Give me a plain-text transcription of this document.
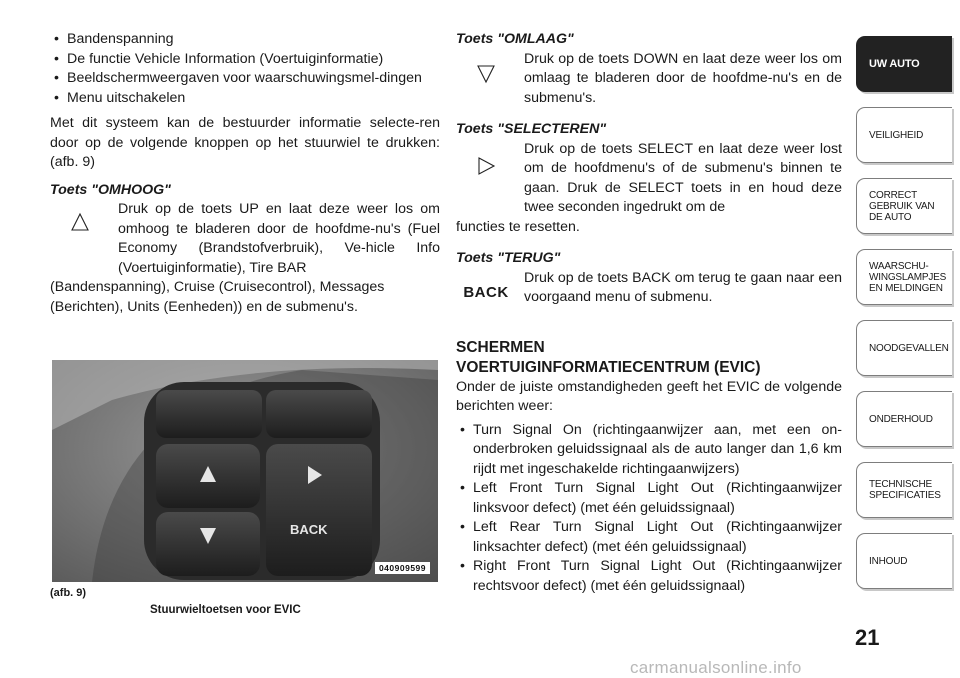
• Bandenspanning
• De functie Vehicle Information (Voertuiginformatie)
• Beeldschermweergaven voor waarschuwingsmel-dingen
• Menu uitschakelen

Met dit systeem kan de bestuurder informatie selecte-ren door op de volgende knoppen op het stuurwiel te drukken: (afb. 9)

Toets "OMHOOG"

Druk op de toets UP en laat deze weer los om omhoog te bladeren door de hoofdme-nu's (Fuel Economy (Brandstofverbruik), Ve-hicle Info (Voertuiginformatie), Tire BAR
(Bandenspanning), Cruise (Cruisecontrol), Messages (Berichten), Units (Eenheden)) en de submenu's.
BACK
040909599
(afb. 9)
Stuurwieltoetsen voor EVIC

Toets "OMLAAG"

Druk op de toets DOWN en laat deze weer los om omlaag te bladeren door de hoofdme-nu's en de submenu's.

Toets "SELECTEREN"

Druk op de toets SELECT en laat deze weer lost om de hoofdmenu's of de submenu's binnen te gaan. Druk de SELECT toets in en houd deze twee seconden ingedrukt om de
functies te resetten.

Toets "TERUG"

BACK
Druk op de toets BACK om terug te gaan naar een voorgaand menu of submenu.
SCHERMEN
VOERTUIGINFORMATIECENTRUM (EVIC)

Onder de juiste omstandigheden geeft het EVIC de volgende berichten weer:

• Turn Signal On (richtingaanwijzer aan, met een on-onderbroken geluidssignaal als de auto langer dan 1,6 km rijdt met ingeschakelde richtingaanwijzers)
• Left Front Turn Signal Light Out (Richtingaanwijzer linksvoor defect) (met één geluidssignaal)
• Left Rear Turn Signal Light Out (Richtingaanwijzer linksachter defect) (met één geluidssignaal)
• Right Front Turn Signal Light Out (Richtingaanwijzer rechtsvoor defect) (met één geluidssignaal)
UW AUTO
VEILIGHEID
CORRECT GEBRUIK VAN DE AUTO
WAARSCHU-WINGSLAMPJES EN MELDINGEN
NOODGEVALLEN
ONDERHOUD
TECHNISCHE SPECIFICATIES
INHOUD
21
carmanualsonline.info
